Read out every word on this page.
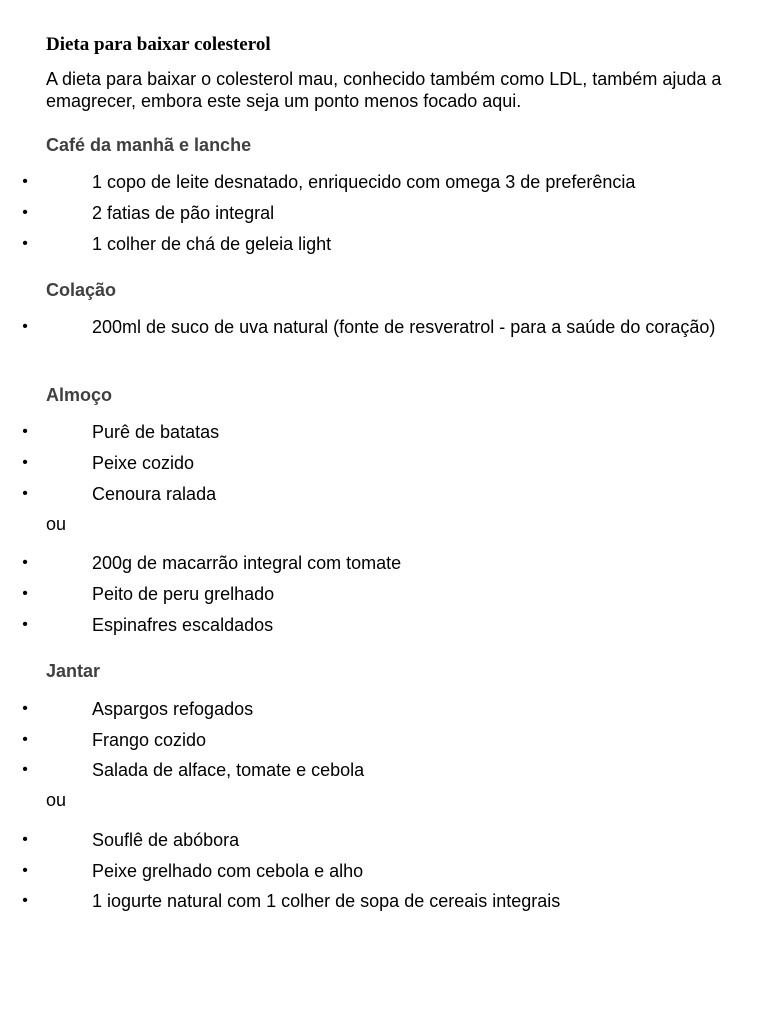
Dieta para baixar colesterol

A dieta para baixar o colesterol mau, conhecido também como LDL, também ajuda a emagrecer, embora este seja um ponto menos focado aqui.

Café da manhã e lanche
•	1 copo de leite desnatado, enriquecido com omega 3 de preferência
•	2 fatias de pão integral
•	1 colher de chá de geleia light
Colação
•	200ml de suco de uva natural (fonte de resveratrol - para a saúde do coração)
Almoço
•	Purê de batatas
•	Peixe cozido
•	Cenoura ralada
ou
•	200g de macarrão integral com tomate
•	Peito de peru grelhado
•	Espinafres escaldados
Jantar
•	Aspargos refogados
•	Frango cozido
•	Salada de alface, tomate e cebola
ou
•	Souflê de abóbora
•	Peixe grelhado com cebola e alho
•	1 iogurte natural com 1 colher de sopa de cereais integrais
